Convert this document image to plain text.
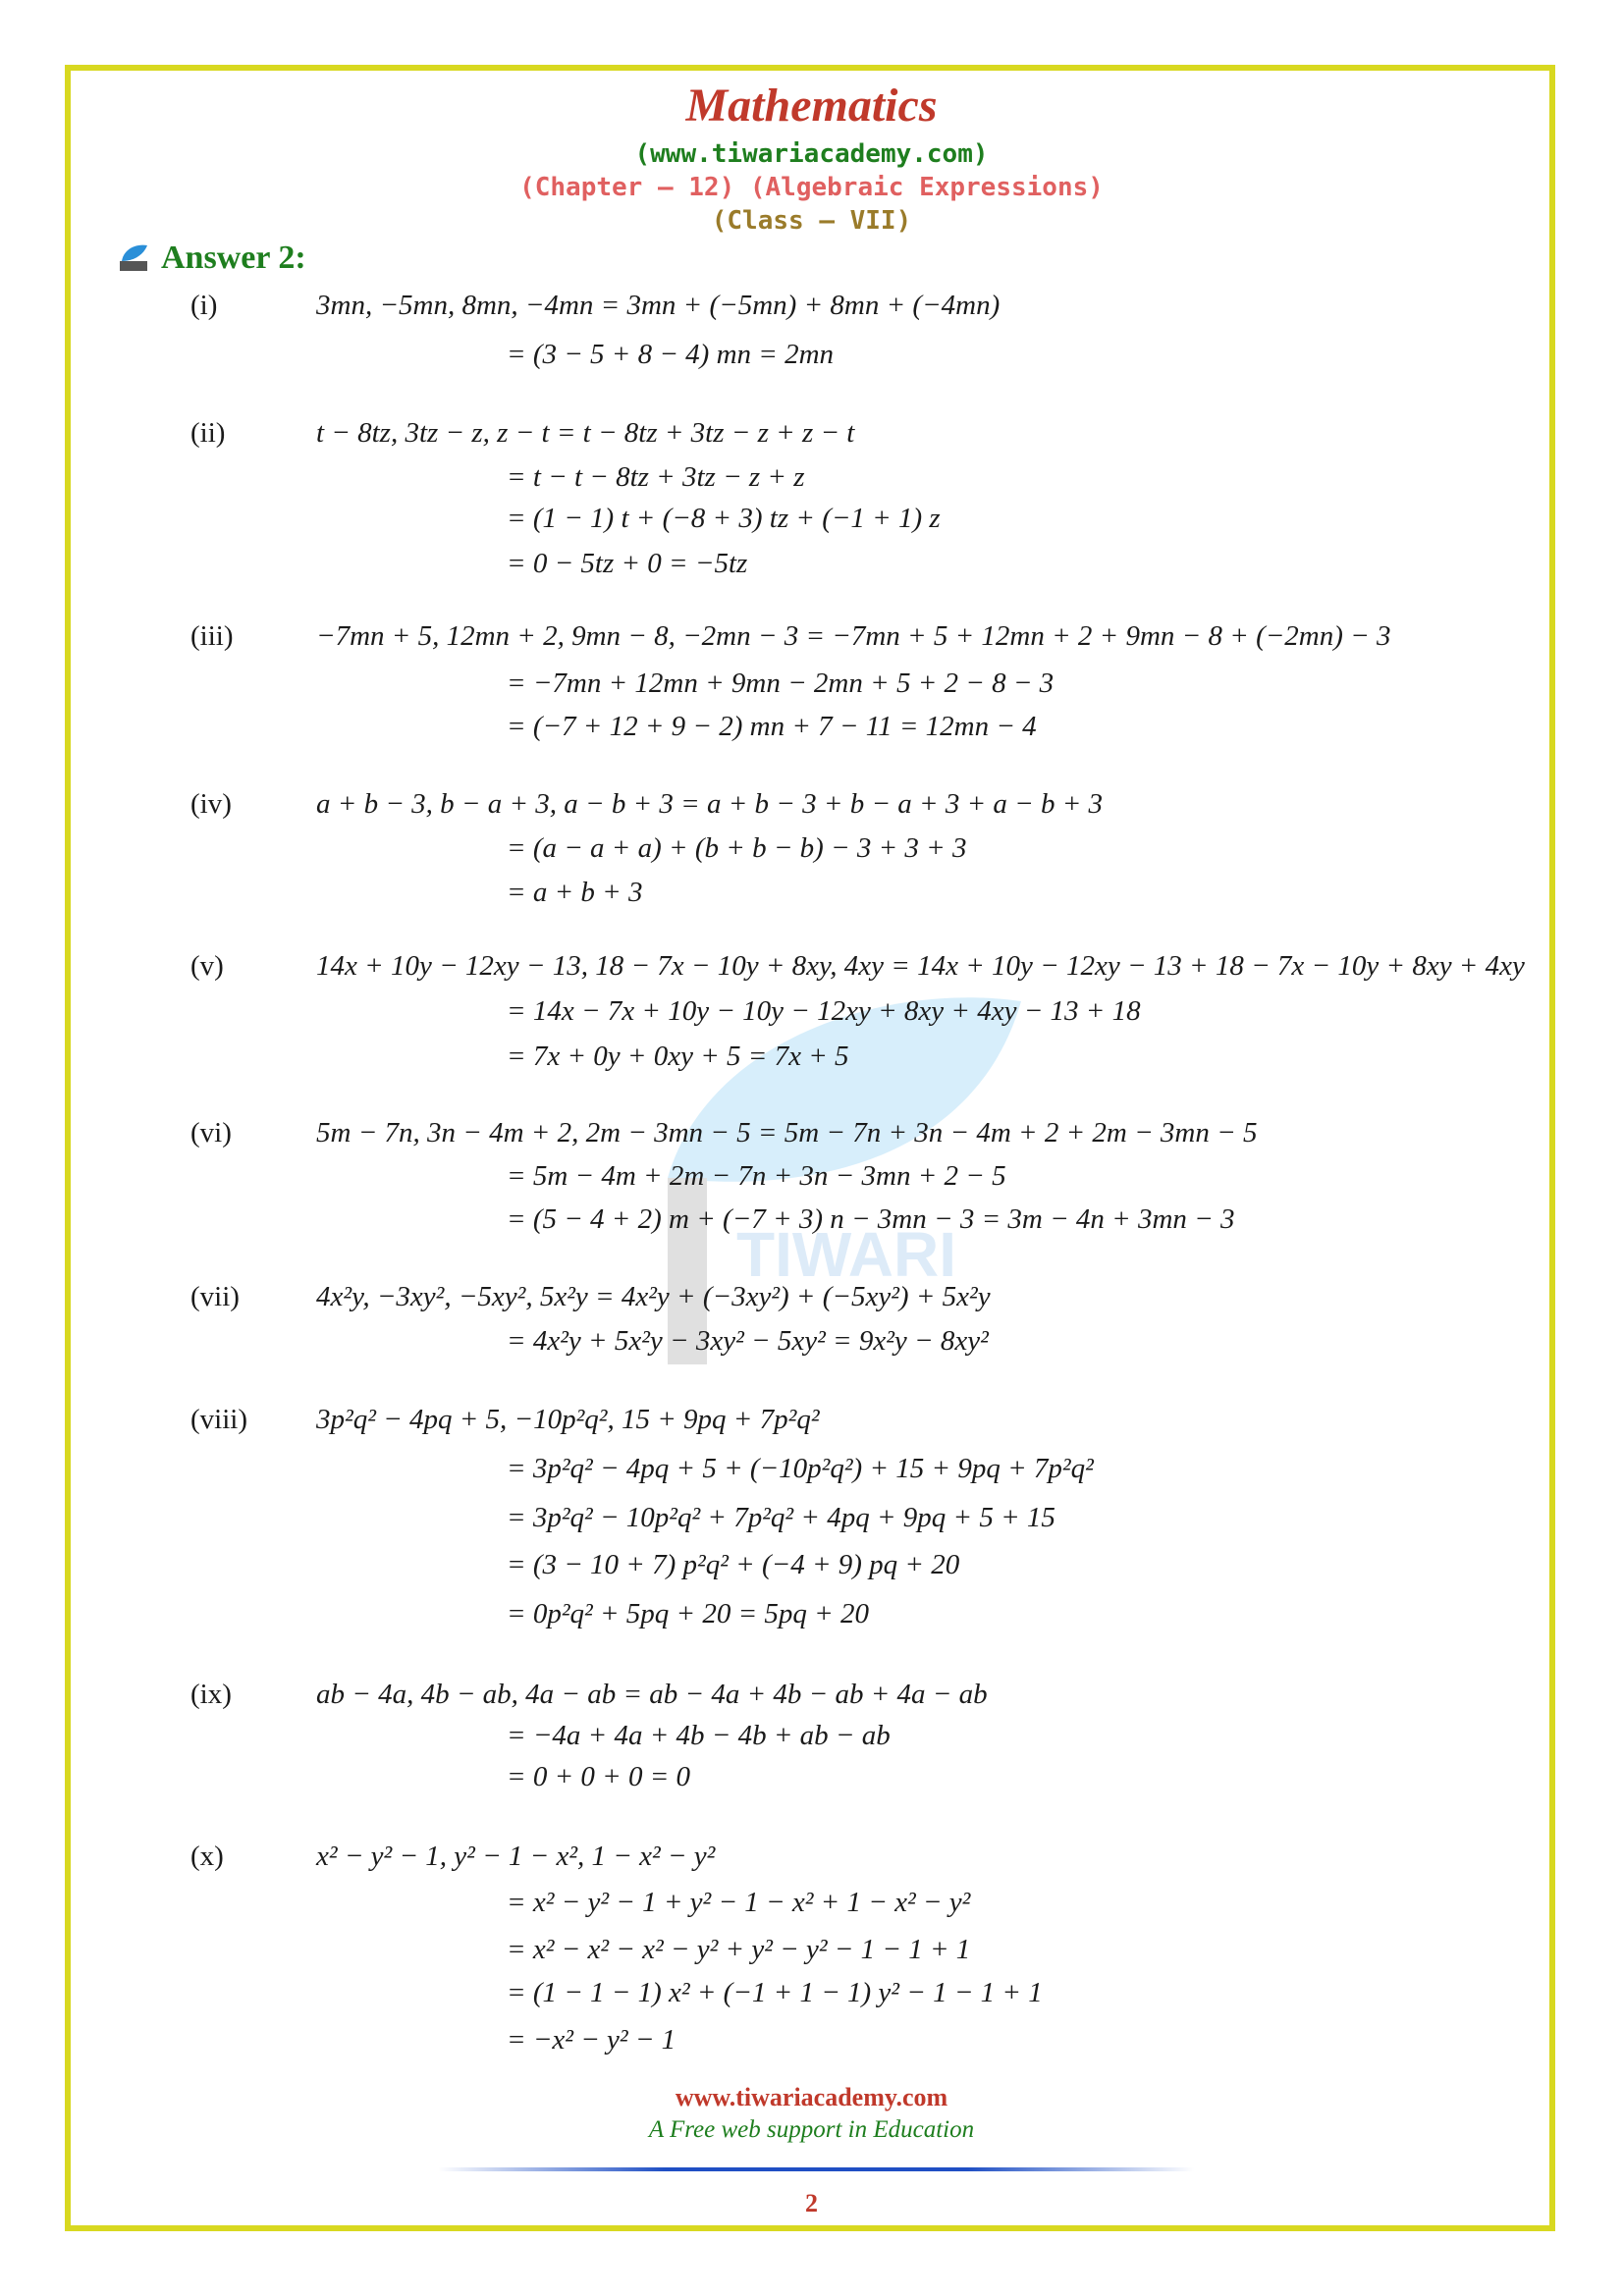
Mathematics
(www.tiwariacademy.com)
(Chapter – 12) (Algebraic Expressions)
(Class – VII)
Answer 2:
TIWARI
(i)	3mn, −5mn, 8mn, −4mn = 3mn + (−5mn) + 8mn + (−4mn)
= (3 − 5 + 8 − 4) mn = 2mn
(ii)	t − 8tz, 3tz − z, z − t = t − 8tz + 3tz − z + z − t
= t − t − 8tz + 3tz − z + z
= (1 − 1) t + (−8 + 3) tz + (−1 + 1) z
= 0 − 5tz + 0 = −5tz
(iii)	−7mn + 5, 12mn + 2, 9mn − 8, −2mn − 3 = −7mn + 5 + 12mn + 2 + 9mn − 8 + (−2mn) − 3
= −7mn + 12mn + 9mn − 2mn + 5 + 2 − 8 − 3
= (−7 + 12 + 9 − 2) mn + 7 − 11 = 12mn − 4
(iv)	a + b − 3, b − a + 3, a − b + 3 = a + b − 3 + b − a + 3 + a − b + 3
= (a − a + a) + (b + b − b) − 3 + 3 + 3
= a + b + 3
(v)	14x + 10y − 12xy − 13, 18 − 7x − 10y + 8xy, 4xy = 14x + 10y − 12xy − 13 + 18 − 7x − 10y + 8xy + 4xy
= 14x − 7x + 10y − 10y − 12xy + 8xy + 4xy − 13 + 18
= 7x + 0y + 0xy + 5 = 7x + 5
(vi)	5m − 7n, 3n − 4m + 2, 2m − 3mn − 5 = 5m − 7n + 3n − 4m + 2 + 2m − 3mn − 5
= 5m − 4m + 2m − 7n + 3n − 3mn + 2 − 5
= (5 − 4 + 2) m + (−7 + 3) n − 3mn − 3 = 3m − 4n + 3mn − 3
(vii)	4x²y, −3xy², −5xy², 5x²y = 4x²y + (−3xy²) + (−5xy²) + 5x²y
= 4x²y + 5x²y − 3xy² − 5xy² = 9x²y − 8xy²
(viii) 3p²q² − 4pq + 5, −10p²q², 15 + 9pq + 7p²q²
= 3p²q² − 4pq + 5 + (−10p²q²) + 15 + 9pq + 7p²q²
= 3p²q² − 10p²q² + 7p²q² + 4pq + 9pq + 5 + 15
= (3 − 10 + 7) p²q² + (−4 + 9) pq + 20
= 0p²q² + 5pq + 20 = 5pq + 20
(ix)	ab − 4a, 4b − ab, 4a − ab = ab − 4a + 4b − ab + 4a − ab
= −4a + 4a + 4b − 4b + ab − ab
= 0 + 0 + 0 = 0
(x)	x² − y² − 1, y² − 1 − x², 1 − x² − y²
= x² − y² − 1 + y² − 1 − x² + 1 − x² − y²
= x² − x² − x² − y² + y² − y² − 1 − 1 + 1
= (1 − 1 − 1) x² + (−1 + 1 − 1) y² − 1 − 1 + 1
= −x² − y² − 1
www.tiwariacademy.com
A Free web support in Education
2
